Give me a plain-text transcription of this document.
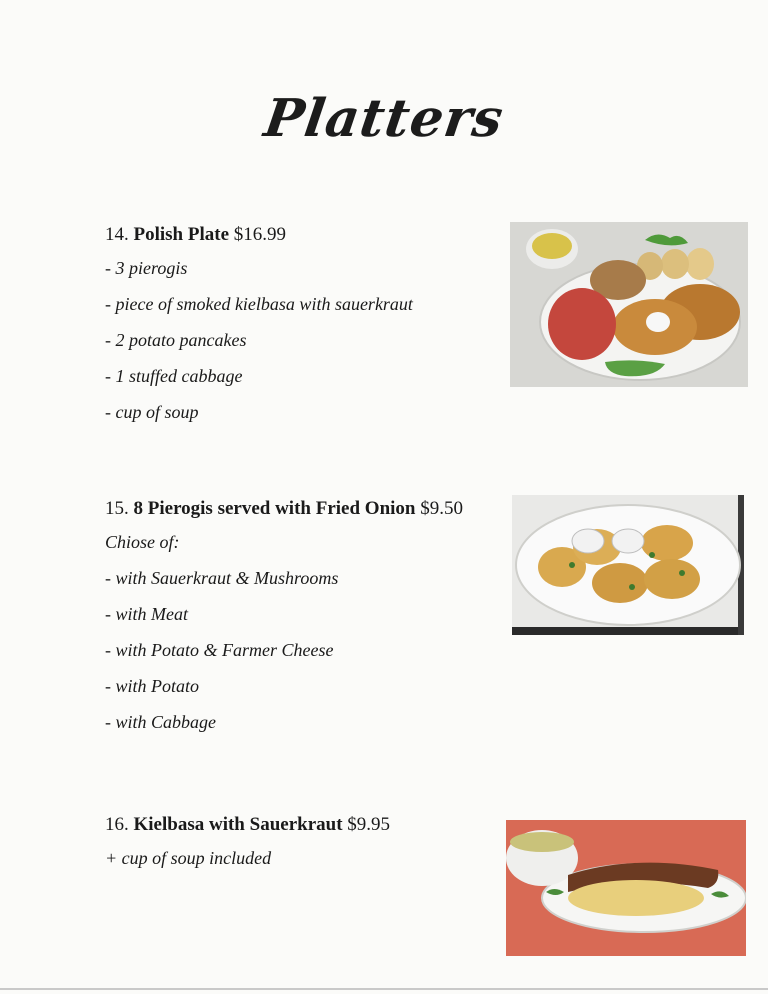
Platters
14. Polish Plate $16.99
- 3 pierogis
- piece of smoked kielbasa with sauerkraut
- 2 potato pancakes
- 1 stuffed cabbage
- cup of soup
15. 8 Pierogis served with Fried Onion $9.50
Chiose of:
- with Sauerkraut & Mushrooms
- with Meat
- with Potato & Farmer Cheese
- with Potato
- with Cabbage
16. Kielbasa with Sauerkraut $9.95
+ cup of soup included
